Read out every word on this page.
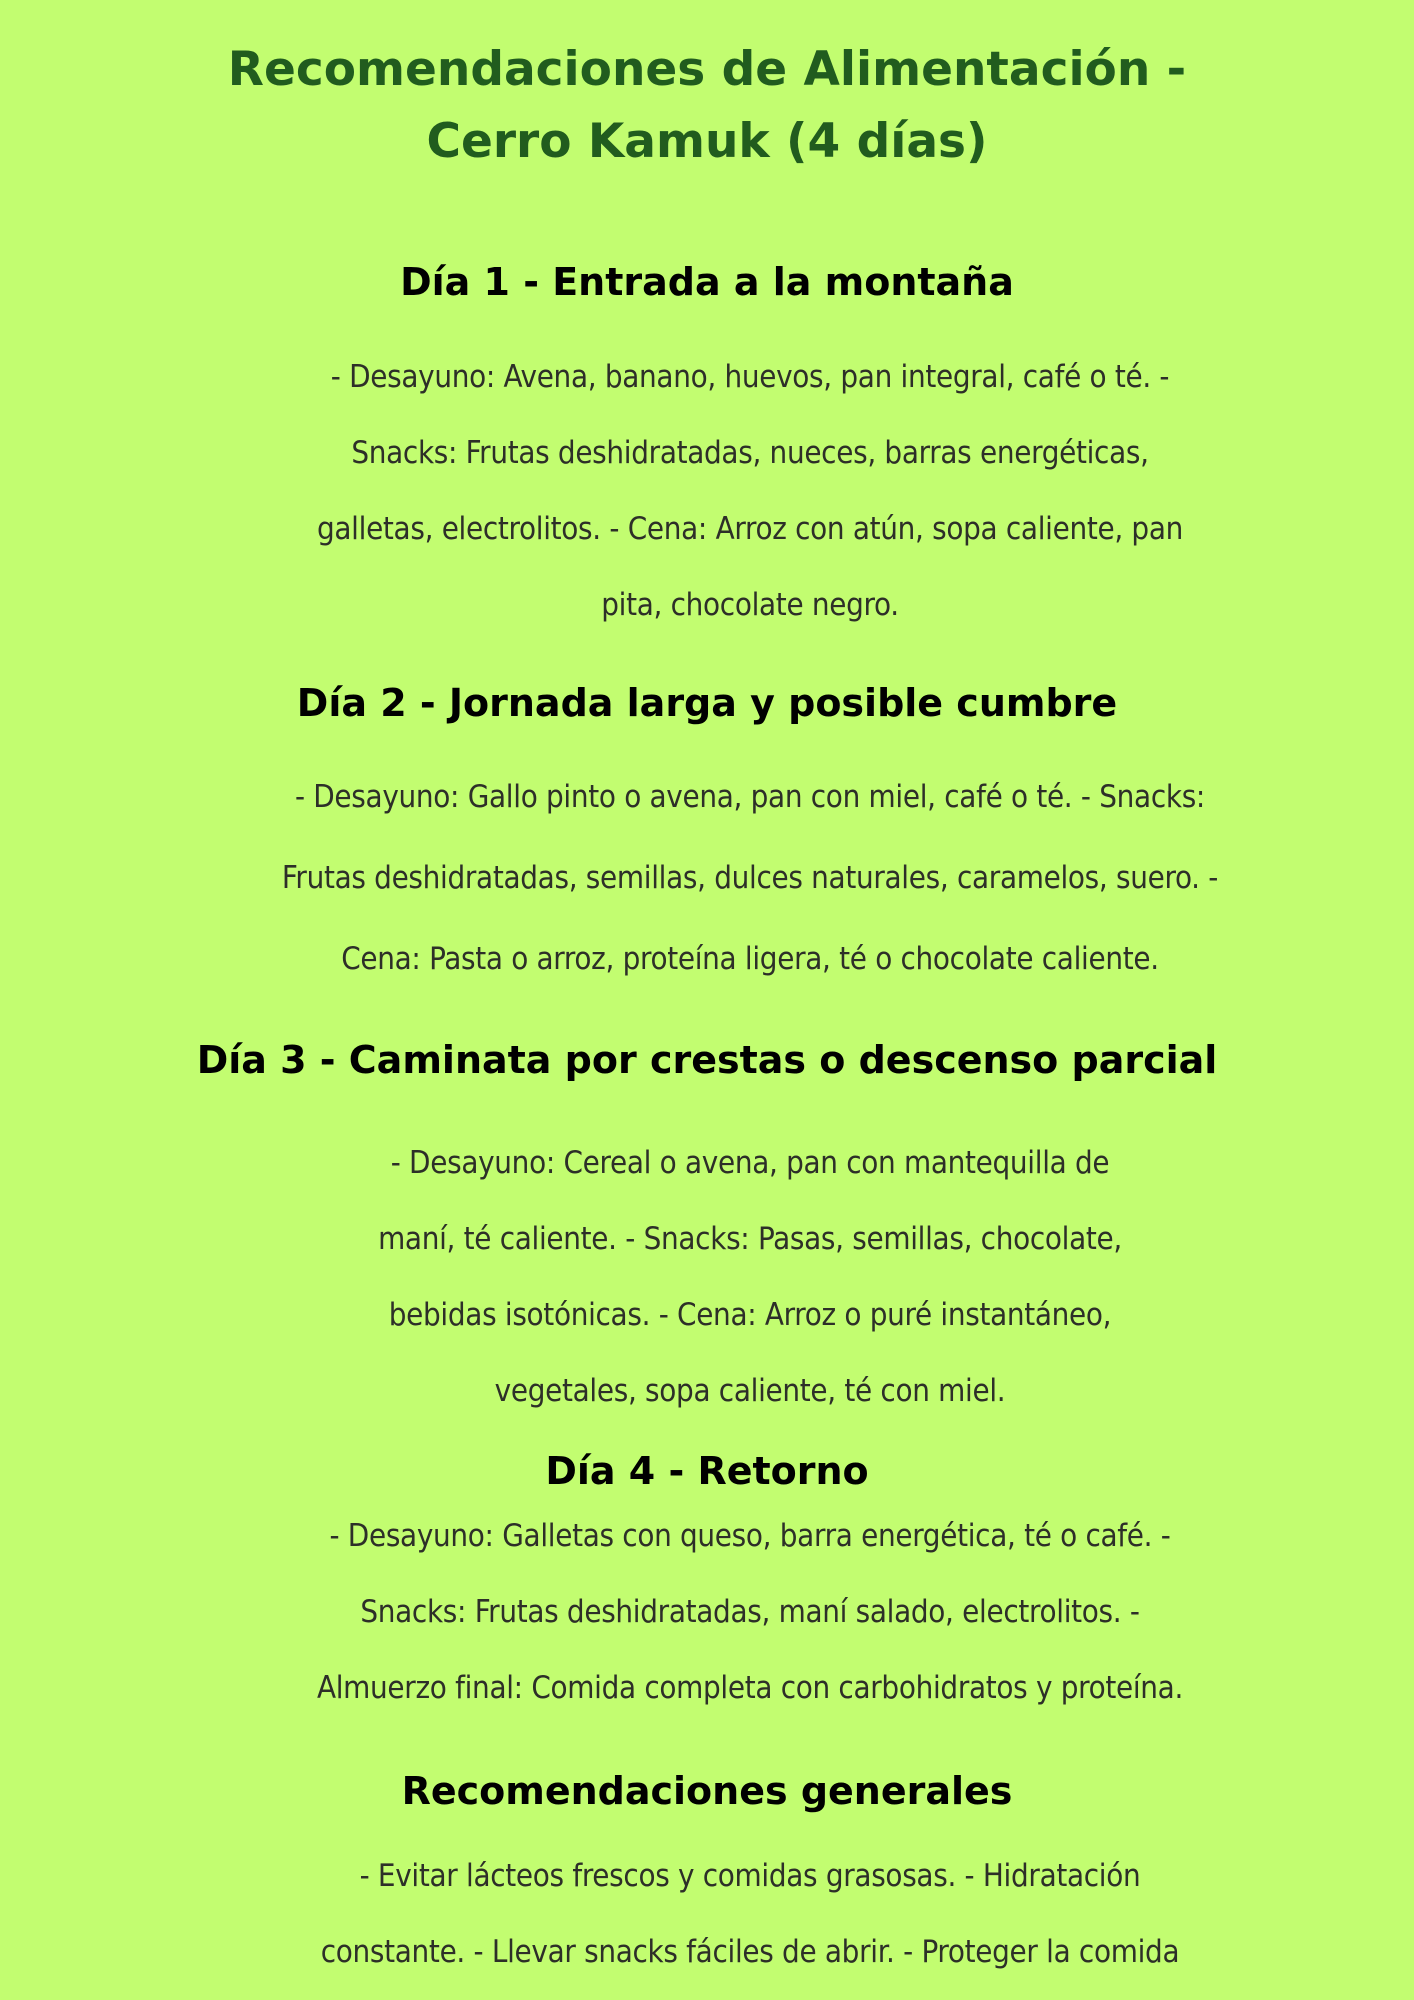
Recomendaciones de Alimentación -
Cerro Kamuk (4 días)
Día 1 - Entrada a la montaña
- Desayuno: Avena, banano, huevos, pan integral, café o té. -
Snacks: Frutas deshidratadas, nueces, barras energéticas,
galletas, electrolitos. - Cena: Arroz con atún, sopa caliente, pan
pita, chocolate negro.
Día 2 - Jornada larga y posible cumbre
- Desayuno: Gallo pinto o avena, pan con miel, café o té. - Snacks:
Frutas deshidratadas, semillas, dulces naturales, caramelos, suero. -
Cena: Pasta o arroz, proteína ligera, té o chocolate caliente.
Día 3 - Caminata por crestas o descenso parcial
- Desayuno: Cereal o avena, pan con mantequilla de
maní, té caliente. - Snacks: Pasas, semillas, chocolate,
bebidas isotónicas. - Cena: Arroz o puré instantáneo,
vegetales, sopa caliente, té con miel.
Día 4 - Retorno
- Desayuno: Galletas con queso, barra energética, té o café. -
Snacks: Frutas deshidratadas, maní salado, electrolitos. -
Almuerzo final: Comida completa con carbohidratos y proteína.
Recomendaciones generales
- Evitar lácteos frescos y comidas grasosas. - Hidratación
constante. - Llevar snacks fáciles de abrir. - Proteger la comida
